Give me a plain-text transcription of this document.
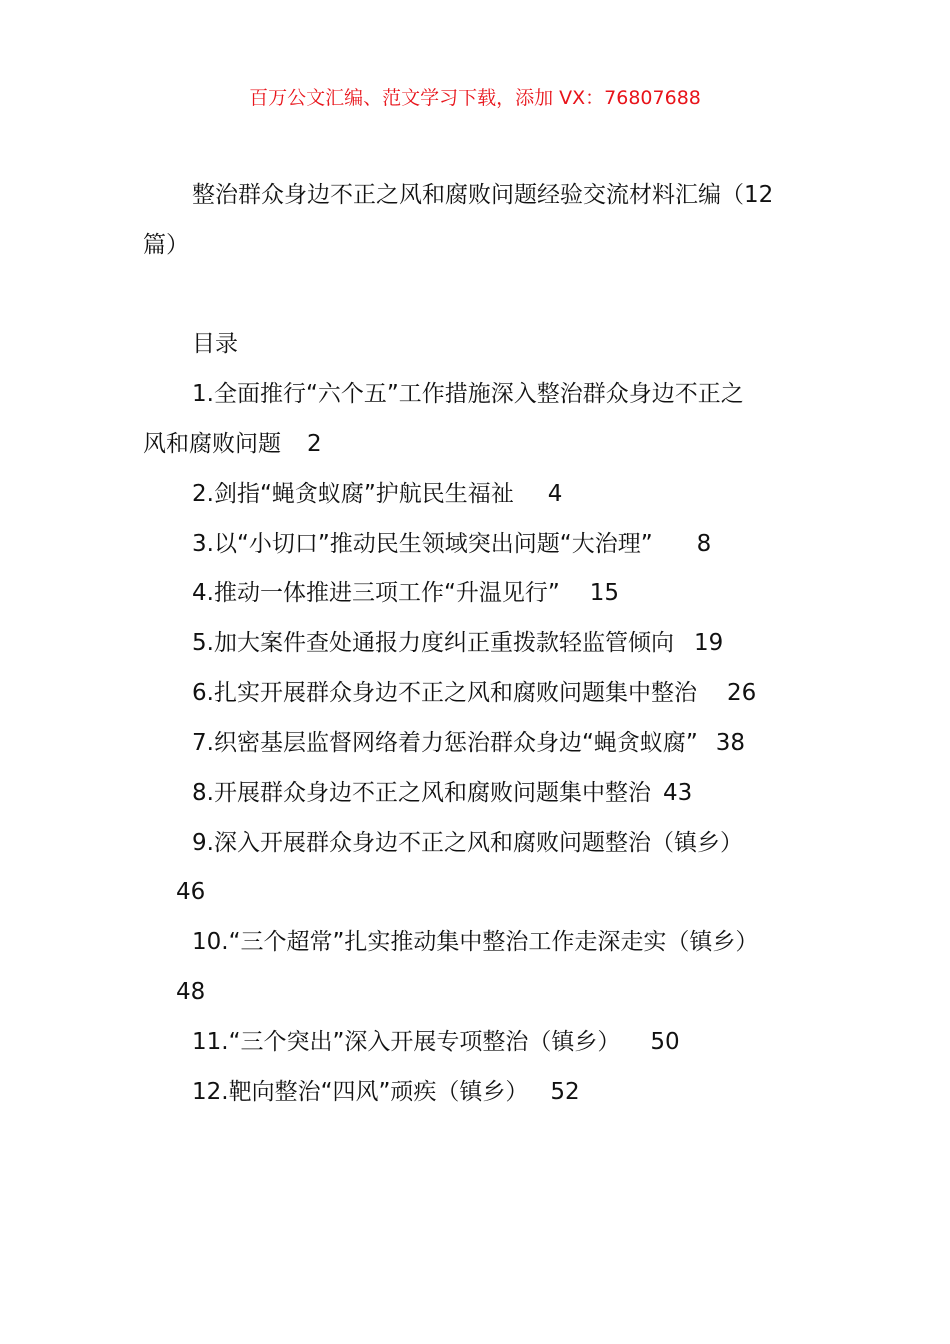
百万公文汇编、范文学习下载，添加 VX：76807688
整治群众身边不正之风和腐败问题经验交流材料汇编（12
篇）
目录
1.全面推行“六个五”工作措施深入整治群众身边不正之
风和腐败问题 2
2.剑指“蝇贪蚁腐”护航民生福祉 4
3.以“小切口”推动民生领域突出问题“大治理” 8
4.推动一体推进三项工作“升温见行” 15
5.加大案件查处通报力度纠正重拨款轻监管倾向 19
6.扎实开展群众身边不正之风和腐败问题集中整治 26
7.织密基层监督网络着力惩治群众身边“蝇贪蚁腐” 38
8.开展群众身边不正之风和腐败问题集中整治 43
9.深入开展群众身边不正之风和腐败问题整治（镇乡）
46
10.“三个超常”扎实推动集中整治工作走深走实（镇乡）
48
11.“三个突出”深入开展专项整治（镇乡） 50
12.靶向整治“四风”顽疾（镇乡） 52
